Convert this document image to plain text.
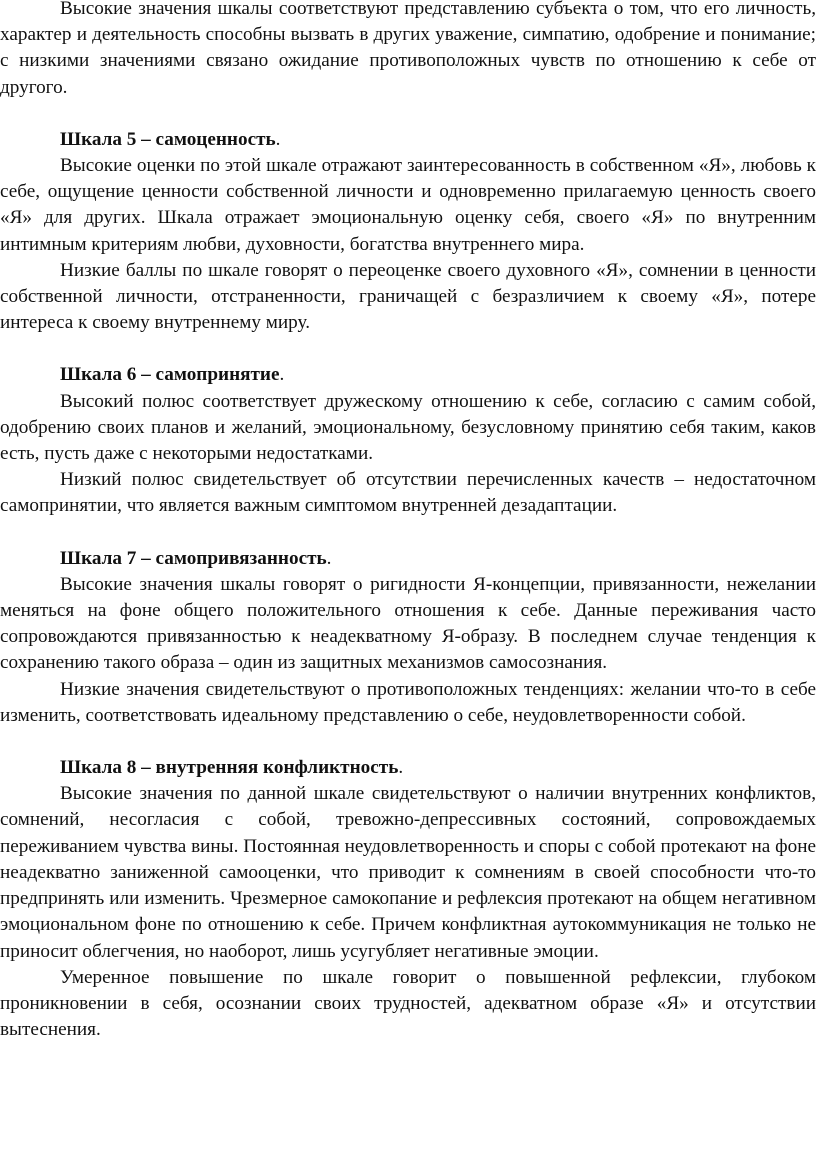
Высокие значения шкалы соответствуют представлению субъекта о том, что его личность, характер и деятельность способны вызвать в других уважение, симпатию, одобрение и понимание; с низкими значениями связано ожидание противоположных чувств по отношению к себе от другого.

Шкала 5 – самоценность.

Высокие оценки по этой шкале отражают заинтересованность в собственном «Я», любовь к себе, ощущение ценности собственной личности и одновременно прилагаемую ценность своего «Я» для других. Шкала отражает эмоциональную оценку себя, своего «Я» по внутренним интимным критериям любви, духовности, богатства внутреннего мира.

Низкие баллы по шкале говорят о переоценке своего духовного «Я», сомнении в ценности собственной личности, отстраненности, граничащей с безразличием к своему «Я», потере интереса к своему внутреннему миру.

Шкала 6 – самопринятие.

Высокий полюс соответствует дружескому отношению к себе, согласию с самим собой, одобрению своих планов и желаний, эмоциональному, безусловному принятию себя таким, каков есть, пусть даже с некоторыми недостатками.

Низкий полюс свидетельствует об отсутствии перечисленных качеств – недостаточном самопринятии, что является важным симптомом внутренней дезадаптации.

Шкала 7 – самопривязанность.

Высокие значения шкалы говорят о ригидности Я-концепции, привязанности, нежелании меняться на фоне общего положительного отношения к себе. Данные переживания часто сопровождаются привязанностью к неадекватному Я-образу. В последнем случае тенденция к сохранению такого образа – один из защитных механизмов самосознания.

Низкие значения свидетельствуют о противоположных тенденциях: желании что-то в себе изменить, соответствовать идеальному представлению о себе, неудовлетворенности собой.

Шкала 8 – внутренняя конфликтность.

Высокие значения по данной шкале свидетельствуют о наличии внутренних конфликтов, сомнений, несогласия с собой, тревожно-депрессивных состояний, сопровождаемых переживанием чувства вины. Постоянная неудовлетворенность и споры с собой протекают на фоне неадекватно заниженной самооценки, что приводит к сомнениям в своей способности что-то предпринять или изменить. Чрезмерное самокопание и рефлексия протекают на общем негативном эмоциональном фоне по отношению к себе. Причем конфликтная аутокоммуникация не только не приносит облегчения, но наоборот, лишь усугубляет негативные эмоции.

Умеренное повышение по шкале говорит о повышенной рефлексии, глубоком проникновении в себя, осознании своих трудностей, адекватном образе «Я» и отсутствии вытеснения.
